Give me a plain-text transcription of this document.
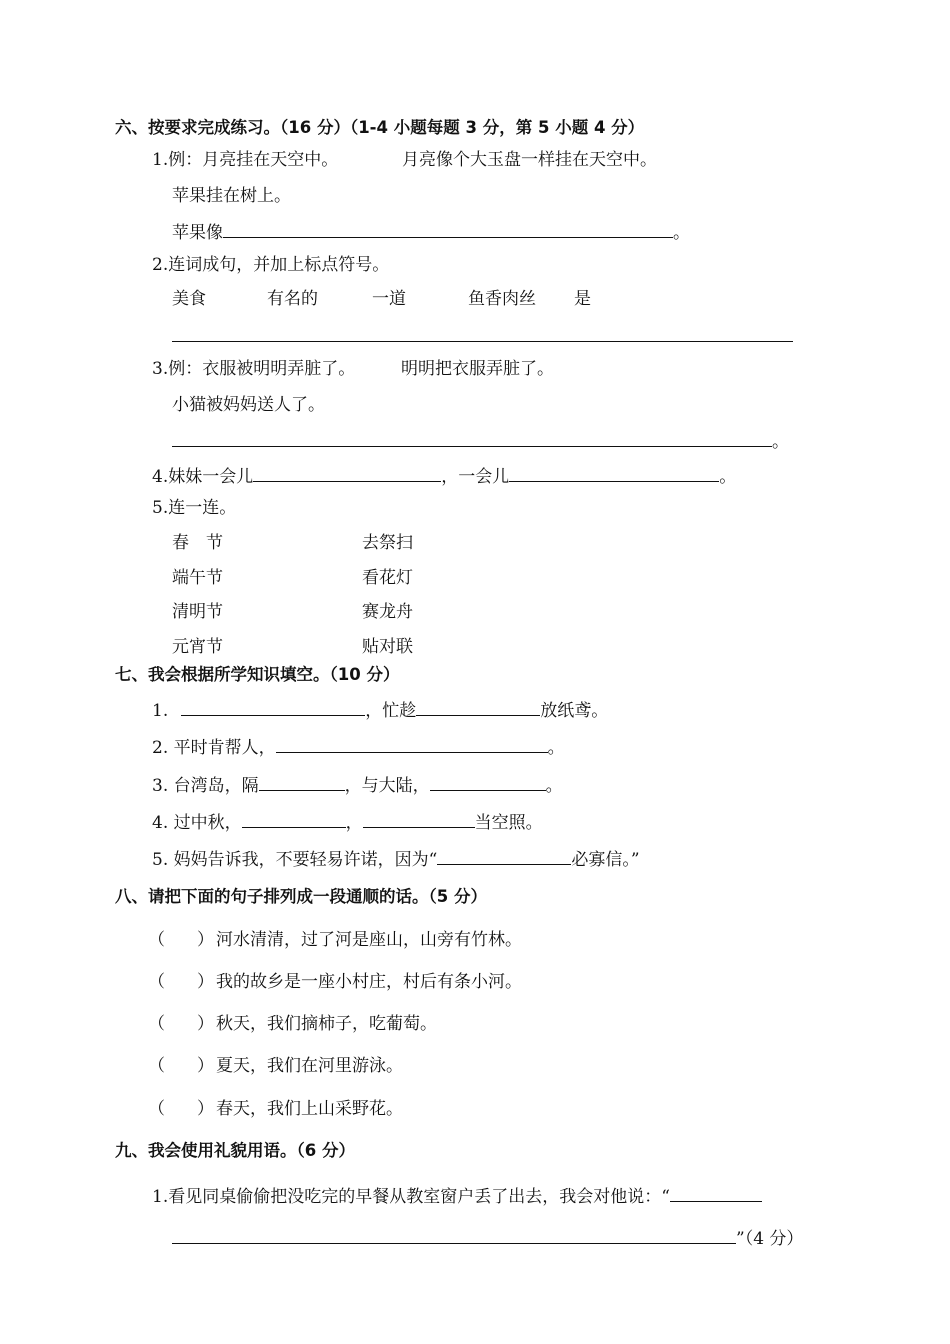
六、按要求完成练习。（16 分）（1-4 小题每题 3 分，第 5 小题 4 分）
1.例：月亮挂在天空中。	月亮像个大玉盘一样挂在天空中。
苹果挂在树上。
苹果像	。
2.连词成句，并加上标点符号。
美食	有名的	一道	鱼香肉丝 是
3.例：衣服被明明弄脏了。	明明把衣服弄脏了。
小猫被妈妈送人了。
。
4.妹妹一会儿	，一会儿	。
5.连一连。
春　节	去祭扫
端午节	看花灯
清明节	赛龙舟
元宵节	贴对联
七、我会根据所学知识填空。（10 分）
1.	，忙趁	放纸鸢。
2. 平时肯帮人，	。
3. 台湾岛，隔	，与大陆，	。
4. 过中秋，	，	当空照。
5. 妈妈告诉我，不要轻易许诺，因为“	必寡信。”
八、请把下面的句子排列成一段通顺的话。（5 分）
（ ） 河水清清，过了河是座山，山旁有竹林。
（ ） 我的故乡是一座小村庄，村后有条小河。
（ ） 秋天，我们摘柿子，吃葡萄。
（ ） 夏天，我们在河里游泳。
（ ） 春天，我们上山采野花。
九、我会使用礼貌用语。（6 分）
1.看见同桌偷偷把没吃完的早餐从教室窗户丢了出去，我会对他说：“
”（4 分）
